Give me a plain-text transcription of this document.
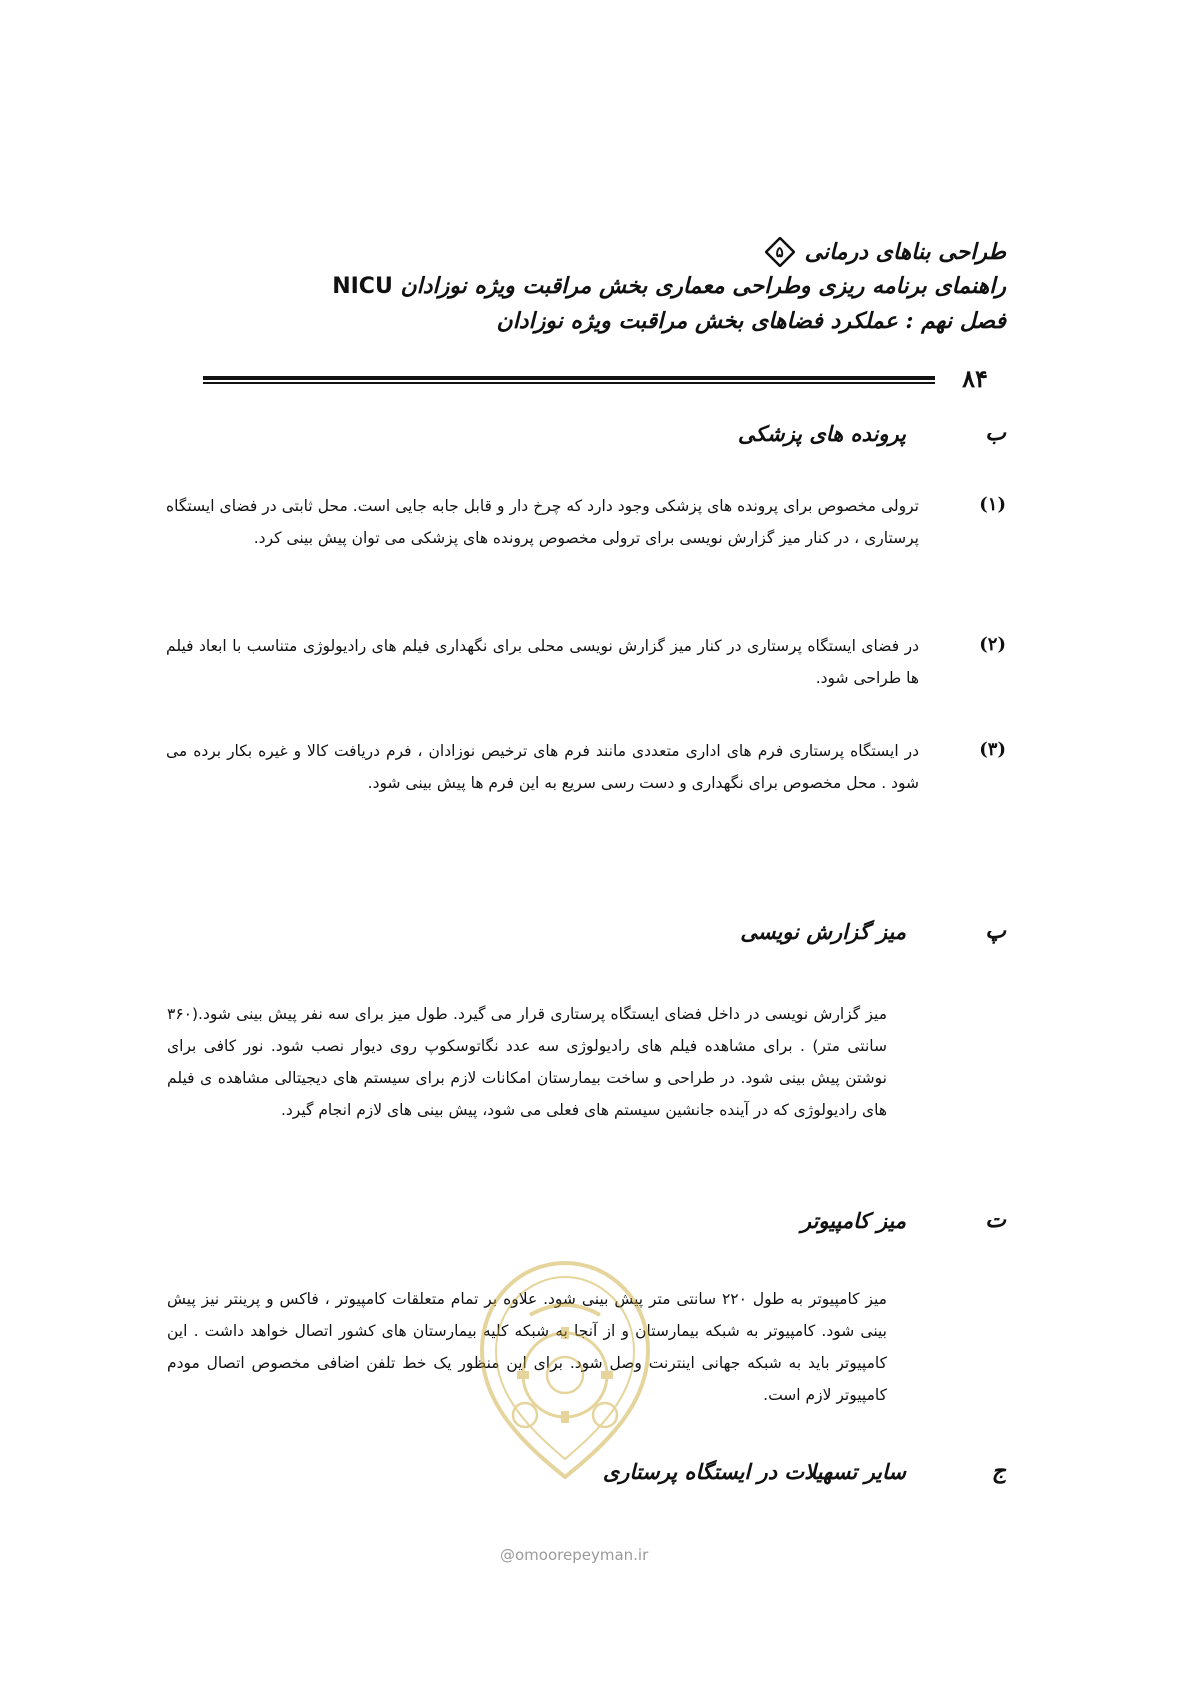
طراحی بناهای درمانی
۵
راهنمای برنامه ریزی وطراحی معماری بخش مراقبت ویژه نوزادان NICU
فصل نهم : عملکرد فضاهای بخش مراقبت ویژه نوزادان
۸۴
ب
پرونده های پزشکی
(۱)
ترولی مخصوص برای پرونده های پزشکی وجود دارد که چرخ دار و قابل جابه جایی است. محل ثابتی در فضای ایستگاه پرستاری ، در کنار میز گزارش نویسی برای ترولی مخصوص پرونده های پزشکی می توان پیش بینی کرد.
(۲)
در فضای ایستگاه پرستاری در کنار میز گزارش نویسی محلی برای نگهداری فیلم های رادیولوژی متناسب با ابعاد فیلم ها طراحی شود.
(۳)
در ایستگاه پرستاری فرم های اداری متعددی مانند فرم های ترخیص نوزادان ، فرم دریافت کالا و غیره بکار برده می شود . محل مخصوص برای نگهداری و دست رسی سریع به این فرم ها پیش بینی شود.
پ
میز گزارش نویسی
میز گزارش نویسی در داخل فضای ایستگاه پرستاری قرار می گیرد. طول میز برای سه نفر پیش بینی شود.(۳۶۰ سانتی متر) . برای مشاهده فیلم های رادیولوژی سه عدد نگاتوسکوپ روی دیوار نصب شود. نور کافی برای نوشتن پیش بینی شود. در طراحی و ساخت بیمارستان امکانات لازم برای سیستم های دیجیتالی مشاهده ی فیلم های رادیولوژی که در آینده جانشین سیستم های فعلی می شود، پیش بینی های لازم انجام گیرد.
ت
میز کامپیوتر
میز کامپیوتر به طول ۲۲۰ سانتی متر پیش بینی شود. علاوه بر تمام متعلقات کامپیوتر ، فاکس و پرینتر نیز پیش بینی شود. کامپیوتر به شبکه بیمارستان و از آنجا به شبکه کلیه بیمارستان های کشور اتصال خواهد داشت . این کامپیوتر باید به شبکه جهانی اینترنت وصل شود. برای این منظور یک خط تلفن اضافی مخصوص اتصال مودم کامپیوتر لازم است.
ج
سایر تسهیلات در ایستگاه پرستاری
@omoorepeyman.ir
